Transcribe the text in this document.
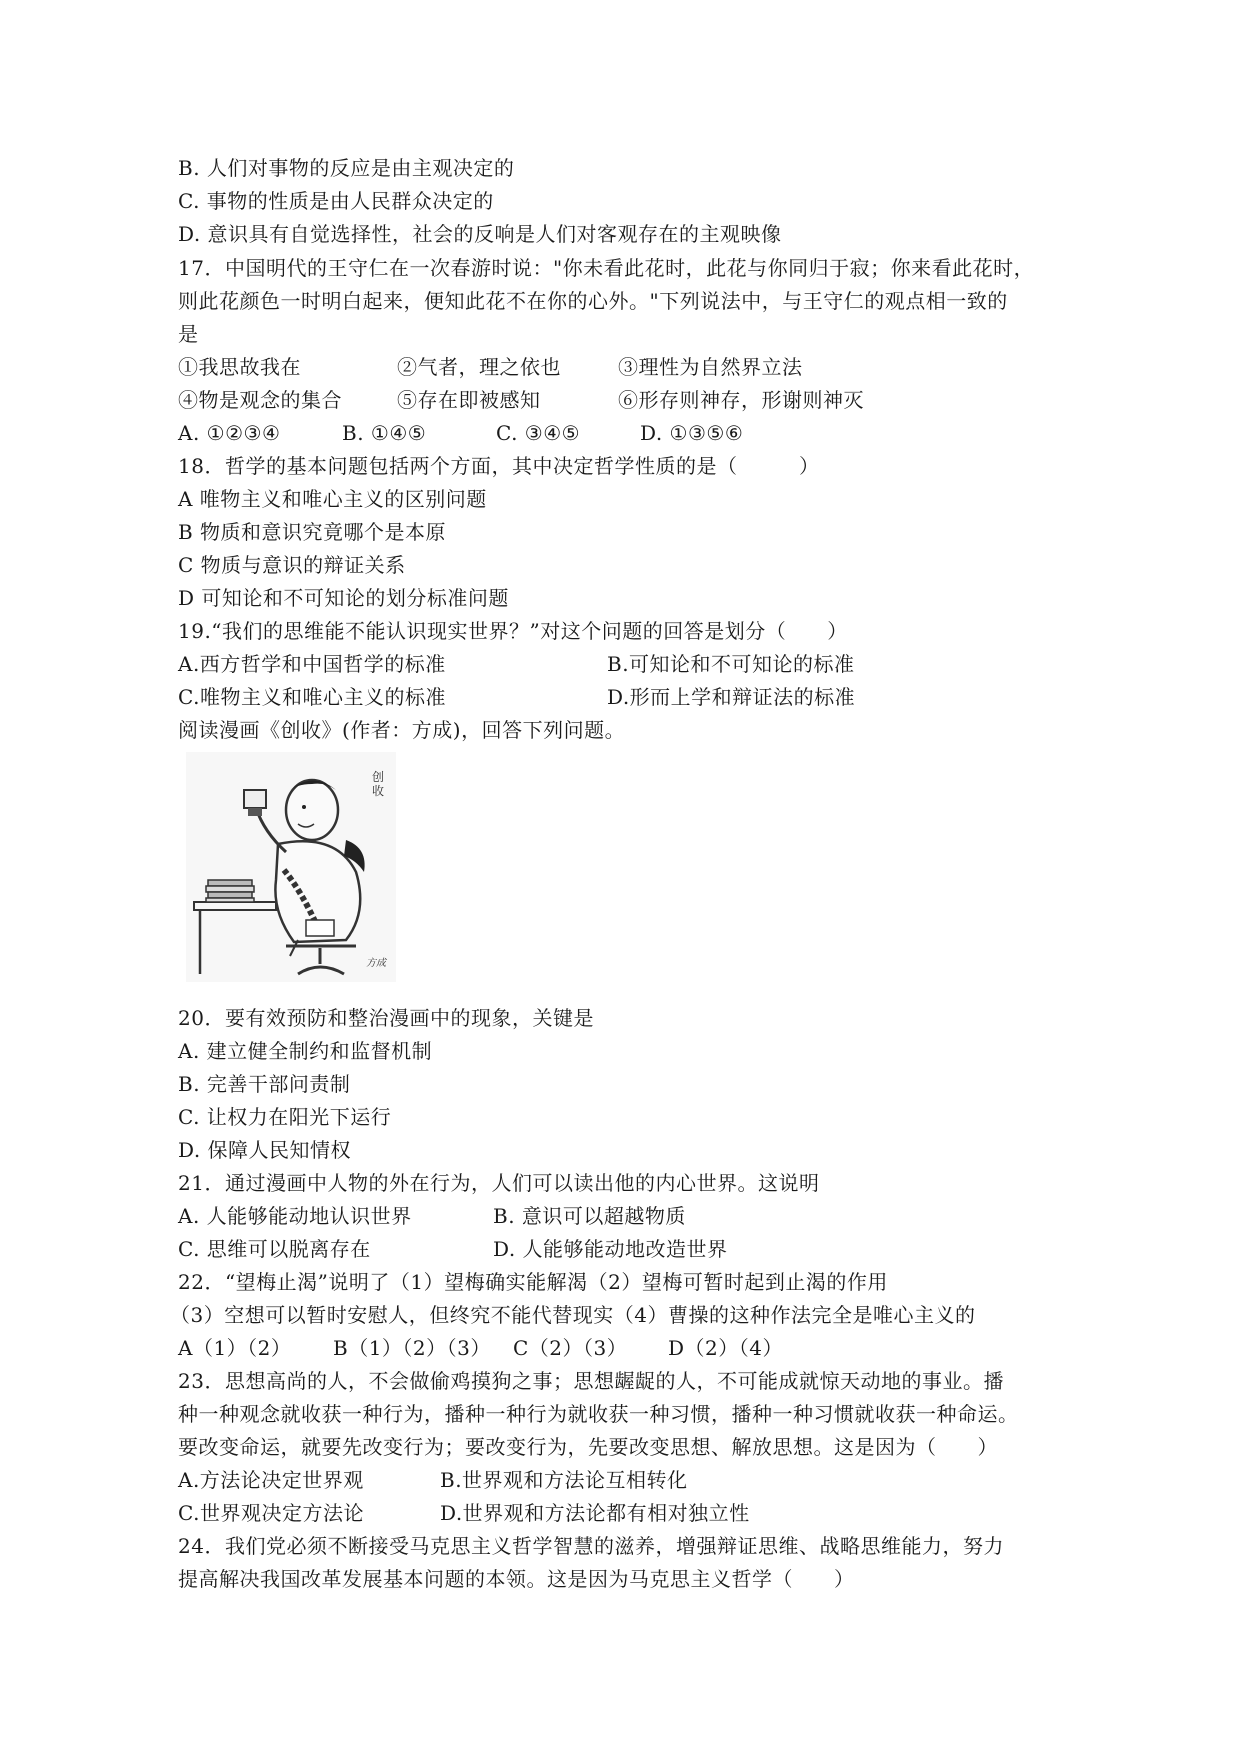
B. 人们对事物的反应是由主观决定的
C. 事物的性质是由人民群众决定的
D. 意识具有自觉选择性，社会的反响是人们对客观存在的主观映像
17．中国明代的王守仁在一次春游时说："你未看此花时，此花与你同归于寂；你来看此花时，
则此花颜色一时明白起来，便知此花不在你的心外。"下列说法中，与王守仁的观点相一致的
是
①我思故我在	②气者，理之依也	③理性为自然界立法
④物是观念的集合	⑤存在即被感知	⑥形存则神存，形谢则神灭
A. ①②③④	B. ①④⑤	C. ③④⑤	D. ①③⑤⑥
18．哲学的基本问题包括两个方面，其中决定哲学性质的是（　　　）
A 唯物主义和唯心主义的区别问题
B 物质和意识究竟哪个是本原
C 物质与意识的辩证关系
D 可知论和不可知论的划分标准问题
19.“我们的思维能不能认识现实世界？”对这个问题的回答是划分（　　）
A.西方哲学和中国哲学的标准	B.可知论和不可知论的标准
C.唯物主义和唯心主义的标准	D.形而上学和辩证法的标准
阅读漫画《创收》(作者：方成)，回答下列问题。
创收
方成
20．要有效预防和整治漫画中的现象，关键是
A. 建立健全制约和监督机制
B. 完善干部问责制
C. 让权力在阳光下运行
D. 保障人民知情权
21．通过漫画中人物的外在行为，人们可以读出他的内心世界。这说明
A. 人能够能动地认识世界	B. 意识可以超越物质
C. 思维可以脱离存在	D. 人能够能动地改造世界
22．“望梅止渴”说明了（1）望梅确实能解渴（2）望梅可暂时起到止渴的作用
（3）空想可以暂时安慰人，但终究不能代替现实（4）曹操的这种作法完全是唯心主义的
A（1）（2） B（1）（2）（3） C（2）（3） D（2）（4）
23．思想高尚的人，不会做偷鸡摸狗之事；思想龌龊的人，不可能成就惊天动地的事业。播
种一种观念就收获一种行为，播种一种行为就收获一种习惯，播种一种习惯就收获一种命运。
要改变命运，就要先改变行为；要改变行为，先要改变思想、解放思想。这是因为（　　）
A.方法论决定世界观	B.世界观和方法论互相转化
C.世界观决定方法论	D.世界观和方法论都有相对独立性
24．我们党必须不断接受马克思主义哲学智慧的滋养，增强辩证思维、战略思维能力，努力
提高解决我国改革发展基本问题的本领。这是因为马克思主义哲学（　　）
